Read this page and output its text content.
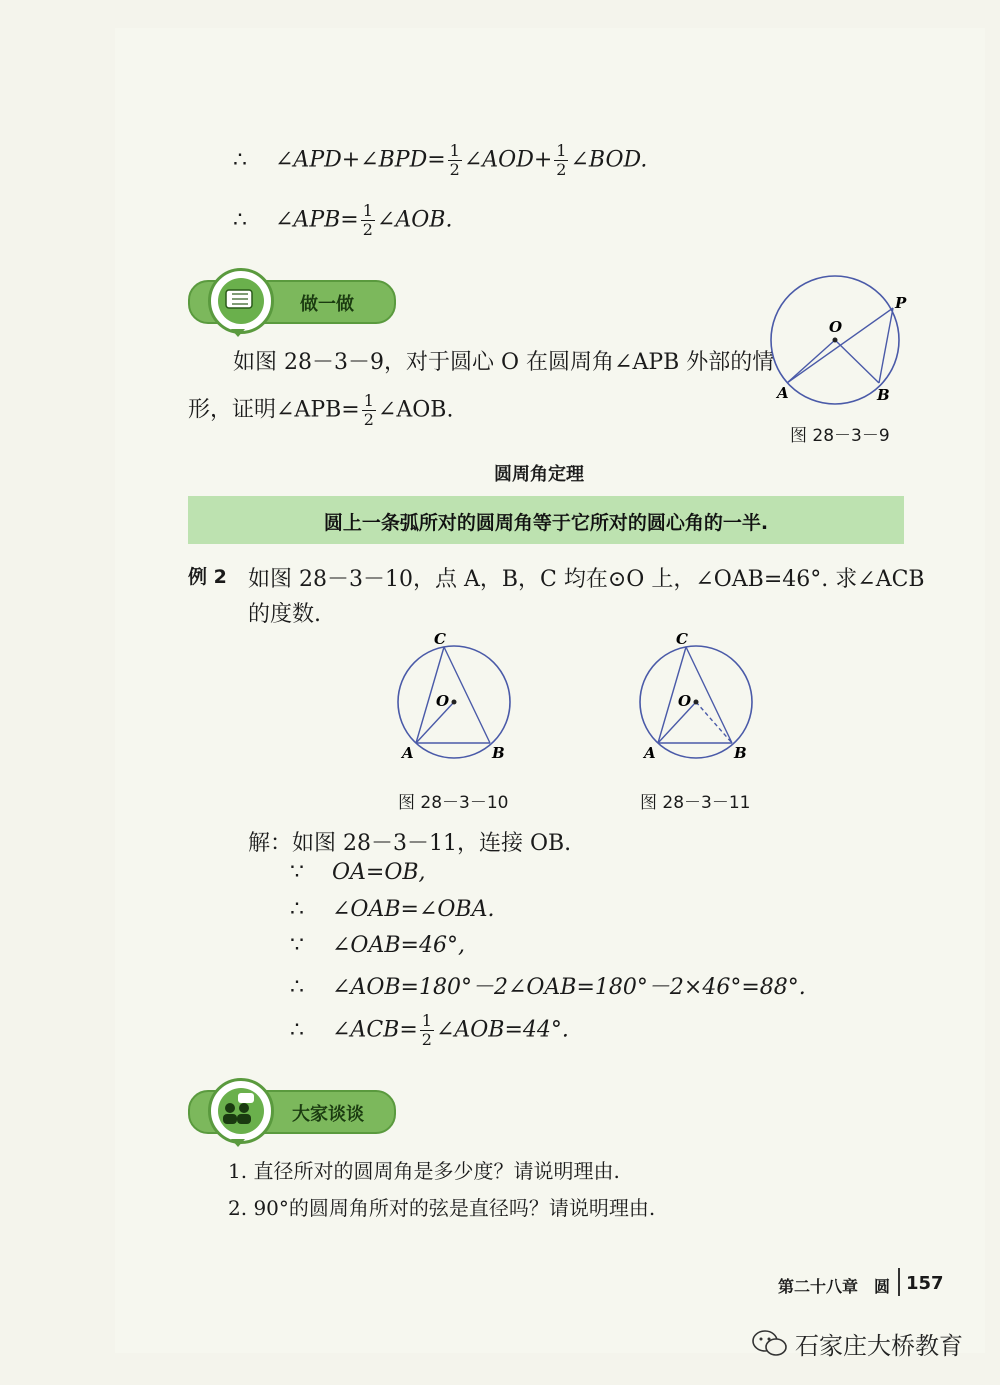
∴ ∠APD+∠BPD= $\frac{1}{2}$ ∠AOD+ $\frac{1}{2}$ ∠BOD.
∴ ∠APB= $\frac{1}{2}$ ∠AOB.
做一做
如图 28－3－9，对于圆心 O 在圆周角∠APB 外部的情
形，证明∠APB= $\frac{1}{2}$ ∠AOB.
O
P
A	B
图 28－3－9
圆周角定理
圆上一条弧所对的圆周角等于它所对的圆心角的一半.
例 2 如图 28－3－10，点 A，B，C 均在⊙O 上，∠OAB=46°. 求∠ACB
的度数.
C
O
A	B
图 28－3－10
C
O
A	B
图 28－3－11
解：如图 28－3－11，连接 OB.
∵ OA=OB,
∴ ∠OAB=∠OBA.
∵ ∠OAB=46°,
∴ ∠AOB=180°－2∠OAB=180°－2×46°=88°.
∴ ∠ACB= $\frac{1}{2}$ ∠AOB=44°.
大家谈谈
1. 直径所对的圆周角是多少度？请说明理由.
2. 90°的圆周角所对的弦是直径吗？请说明理由.
第二十八章　圆 157
石家庄大桥教育
